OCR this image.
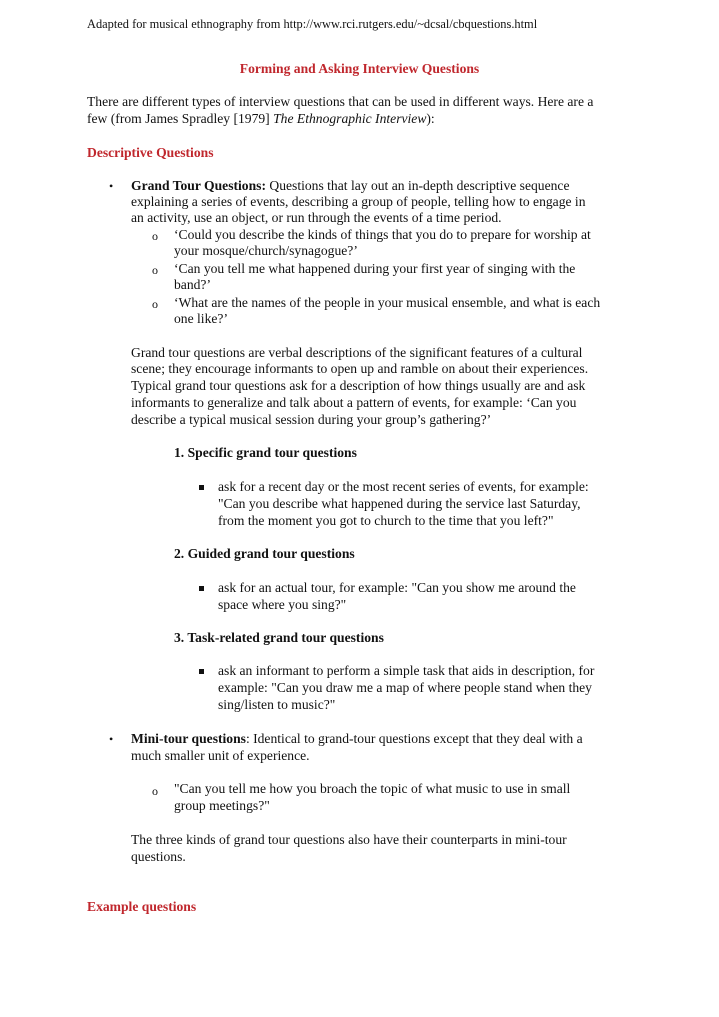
Adapted for musical ethnography from http://www.rci.rutgers.edu/~dcsal/cbquestions.html
Forming and Asking Interview Questions
There are different types of interview questions that can be used in different ways. Here are a
few (from James Spradley [1979] The Ethnographic Interview):
Descriptive Questions
• Grand Tour Questions: Questions that lay out an in-depth descriptive sequence
explaining a series of events, describing a group of people, telling how to engage in
an activity, use an object, or run through the events of a time period.
o ‘Could you describe the kinds of things that you do to prepare for worship at
your mosque/church/synagogue?’
o ‘Can you tell me what happened during your first year of singing with the
band?’
o ‘What are the names of the people in your musical ensemble, and what is each
one like?’
Grand tour questions are verbal descriptions of the significant features of a cultural
scene; they encourage informants to open up and ramble on about their experiences.
Typical grand tour questions ask for a description of how things usually are and ask
informants to generalize and talk about a pattern of events, for example: ‘Can you
describe a typical musical session during your group’s gathering?’
1. Specific grand tour questions
ask for a recent day or the most recent series of events, for example:
"Can you describe what happened during the service last Saturday,
from the moment you got to church to the time that you left?"
2. Guided grand tour questions
ask for an actual tour, for example: "Can you show me around the
space where you sing?"
3. Task-related grand tour questions
ask an informant to perform a simple task that aids in description, for
example: "Can you draw me a map of where people stand when they
sing/listen to music?"
• Mini-tour questions: Identical to grand-tour questions except that they deal with a
much smaller unit of experience.
o "Can you tell me how you broach the topic of what music to use in small
group meetings?"
The three kinds of grand tour questions also have their counterparts in mini-tour
questions.
Example questions
